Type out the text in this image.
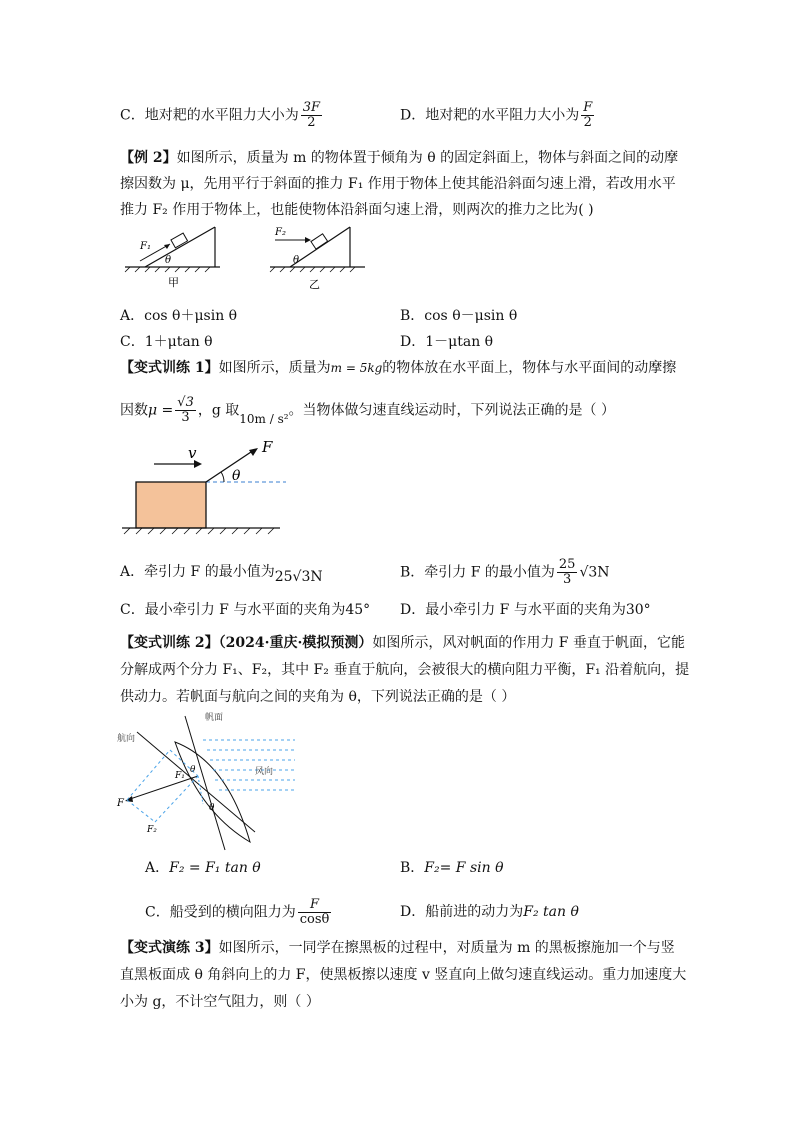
C．地对耙的水平阻力大小为 $\frac{3F}{2}$	D．地对耙的水平阻力大小为 $\frac{F}{2}$
【例 2】如图所示，质量为 m 的物体置于倾角为 θ 的固定斜面上，物体与斜面之间的动摩
擦因数为 μ，先用平行于斜面的推力 F₁ 作用于物体上使其能沿斜面匀速上滑，若改用水平
推力 F₂ 作用于物体上，也能使物体沿斜面匀速上滑，则两次的推力之比为( )
F₁
θ
甲
F₂
θ
乙
A．cos θ＋μsin θ	B．cos θ－μsin θ
C．1＋μtan θ	D．1－μtan θ
【变式训练 1】如图所示，质量为m = 5kg的物体放在水平面上，物体与水平面间的动摩擦
因数$\mu = \frac{√3}{3}$ ，g 取10m / s²。当物体做匀速直线运动时，下列说法正确的是（ ）
v	F
θ
A．牵引力 F 的最小值为25√3N	B．牵引力 F 的最小值为 $\frac{25}{3} √3N$
C．最小牵引力 F 与水平面的夹角为45° D．最小牵引力 F 与水平面的夹角为30°
【变式训练 2】（2024·重庆·模拟预测）如图所示，风对帆面的作用力 F 垂直于帆面，它能
分解成两个分力 F₁、F₂，其中 F₂ 垂直于航向，会被很大的横向阻力平衡，F₁ 沿着航向，提
供动力。若帆面与航向之间的夹角为 θ，下列说法正确的是（ ）
航向
帆面
风向
F
F₁
F₂
θ
θ
A．F₂ = F₁ tan θ	B．F₂= F sin θ
C．船受到的横向阻力为 $\frac{F}{\cos\theta}$	D．船前进的动力为F₂ tan θ
【变式演练 3】如图所示，一同学在擦黑板的过程中，对质量为 m 的黑板擦施加一个与竖
直黑板面成 θ 角斜向上的力 F，使黑板擦以速度 v 竖直向上做匀速直线运动。重力加速度大
小为 g，不计空气阻力，则（ ）
